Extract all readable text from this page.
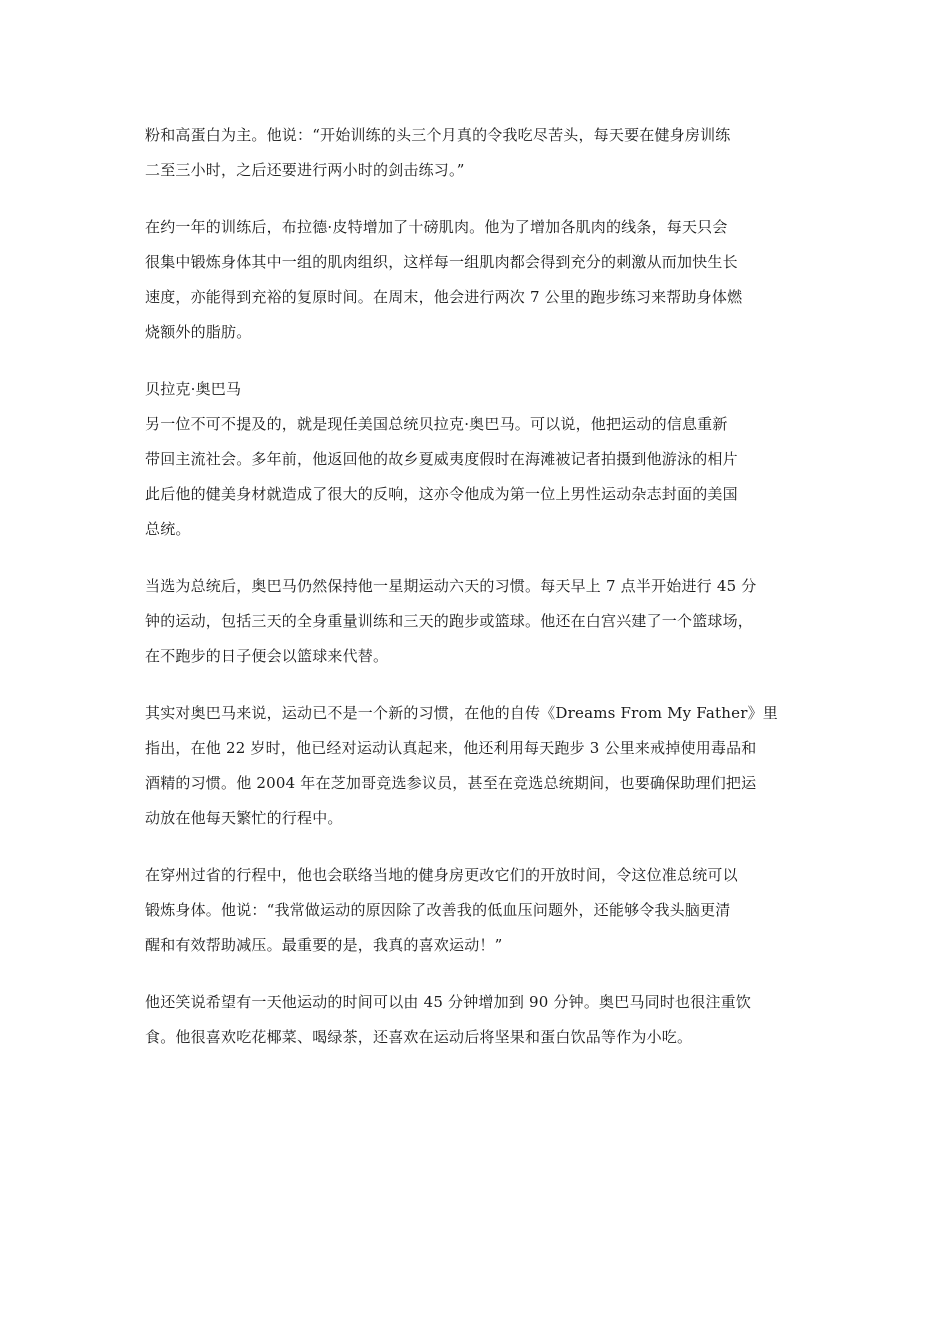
粉和高蛋白为主。他说：“开始训练的头三个月真的令我吃尽苦头，每天要在健身房训练
二至三小时，之后还要进行两小时的剑击练习。”

在约一年的训练后，布拉德·皮特增加了十磅肌肉。他为了增加各肌肉的线条，每天只会
很集中锻炼身体其中一组的肌肉组织，这样每一组肌肉都会得到充分的刺激从而加快生长
速度，亦能得到充裕的复原时间。在周末，他会进行两次 7 公里的跑步练习来帮助身体燃
烧额外的脂肪。

贝拉克·奥巴马
另一位不可不提及的，就是现任美国总统贝拉克·奥巴马。可以说，他把运动的信息重新
带回主流社会。多年前，他返回他的故乡夏威夷度假时在海滩被记者拍摄到他游泳的相片
此后他的健美身材就造成了很大的反响，这亦令他成为第一位上男性运动杂志封面的美国
总统。

当选为总统后，奥巴马仍然保持他一星期运动六天的习惯。每天早上 7 点半开始进行 45 分
钟的运动，包括三天的全身重量训练和三天的跑步或篮球。他还在白宫兴建了一个篮球场，
在不跑步的日子便会以篮球来代替。

其实对奥巴马来说，运动已不是一个新的习惯，在他的自传《Dreams From My Father》里
指出，在他 22 岁时，他已经对运动认真起来，他还利用每天跑步 3 公里来戒掉使用毒品和
酒精的习惯。他 2004 年在芝加哥竞选参议员，甚至在竞选总统期间，也要确保助理们把运
动放在他每天繁忙的行程中。

在穿州过省的行程中，他也会联络当地的健身房更改它们的开放时间，令这位准总统可以
锻炼身体。他说：“我常做运动的原因除了改善我的低血压问题外，还能够令我头脑更清
醒和有效帮助减压。最重要的是，我真的喜欢运动！”

他还笑说希望有一天他运动的时间可以由 45 分钟增加到 90 分钟。奥巴马同时也很注重饮
食。他很喜欢吃花椰菜、喝绿茶，还喜欢在运动后将坚果和蛋白饮品等作为小吃。
